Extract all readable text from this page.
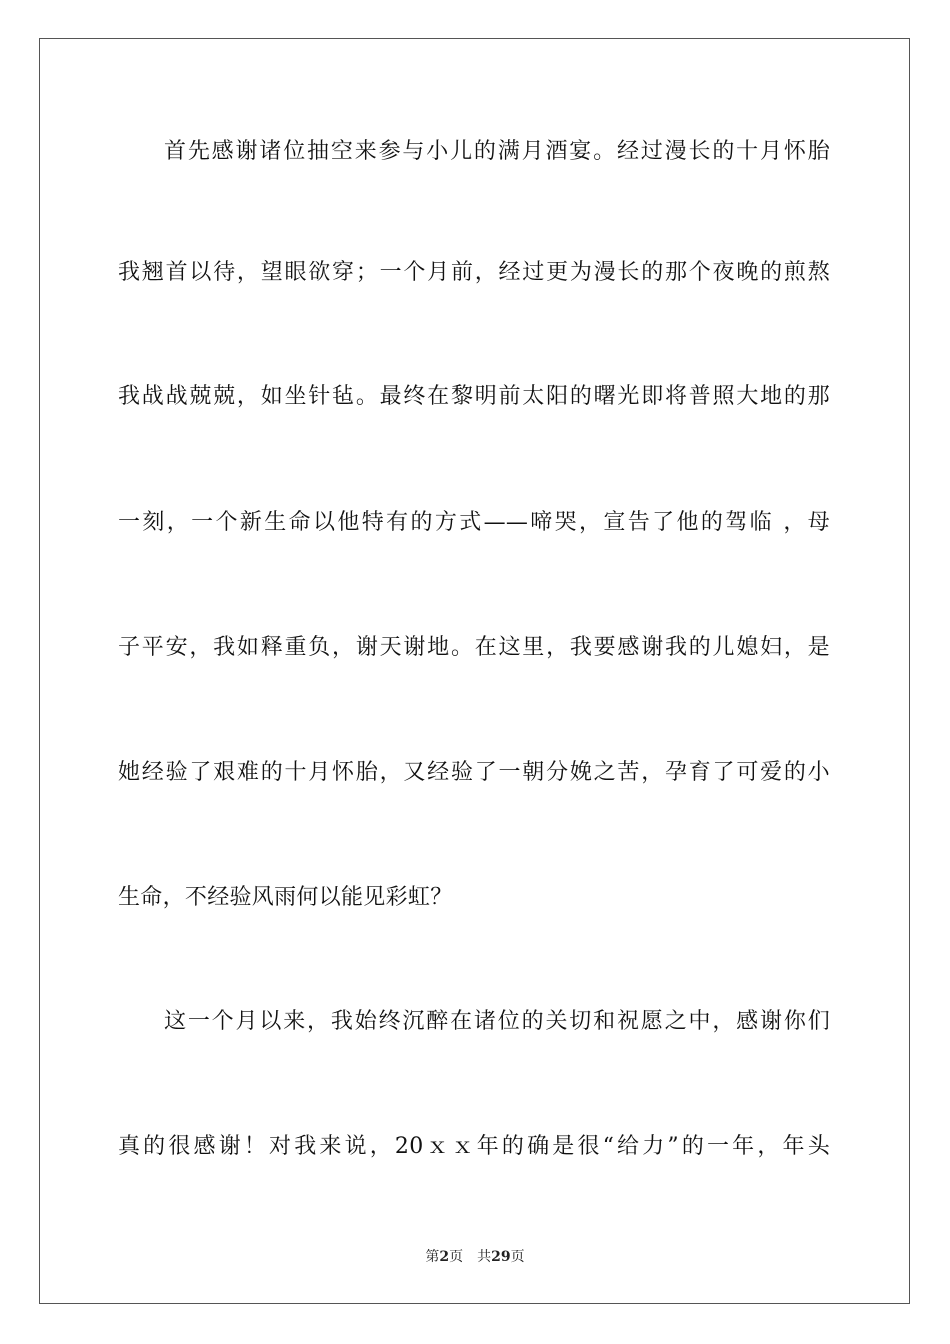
首先感谢诸位抽空来参与小儿的满月酒宴。经过漫长的十月怀胎
我翘首以待，望眼欲穿；一个月前，经过更为漫长的那个夜晚的煎熬
我战战兢兢，如坐针毡。最终在黎明前太阳的曙光即将普照大地的那
一刻，一个新生命以他特有的方式——啼哭，宣告了他的驾临 ，母
子平安，我如释重负，谢天谢地。在这里，我要感谢我的儿媳妇，是
她经验了艰难的十月怀胎，又经验了一朝分娩之苦，孕育了可爱的小
生命，不经验风雨何以能见彩虹？
这一个月以来，我始终沉醉在诸位的关切和祝愿之中，感谢你们
真的很感谢！对我来说，20ｘｘ年的确是很“给力”的一年，年头
第2页　共29页
